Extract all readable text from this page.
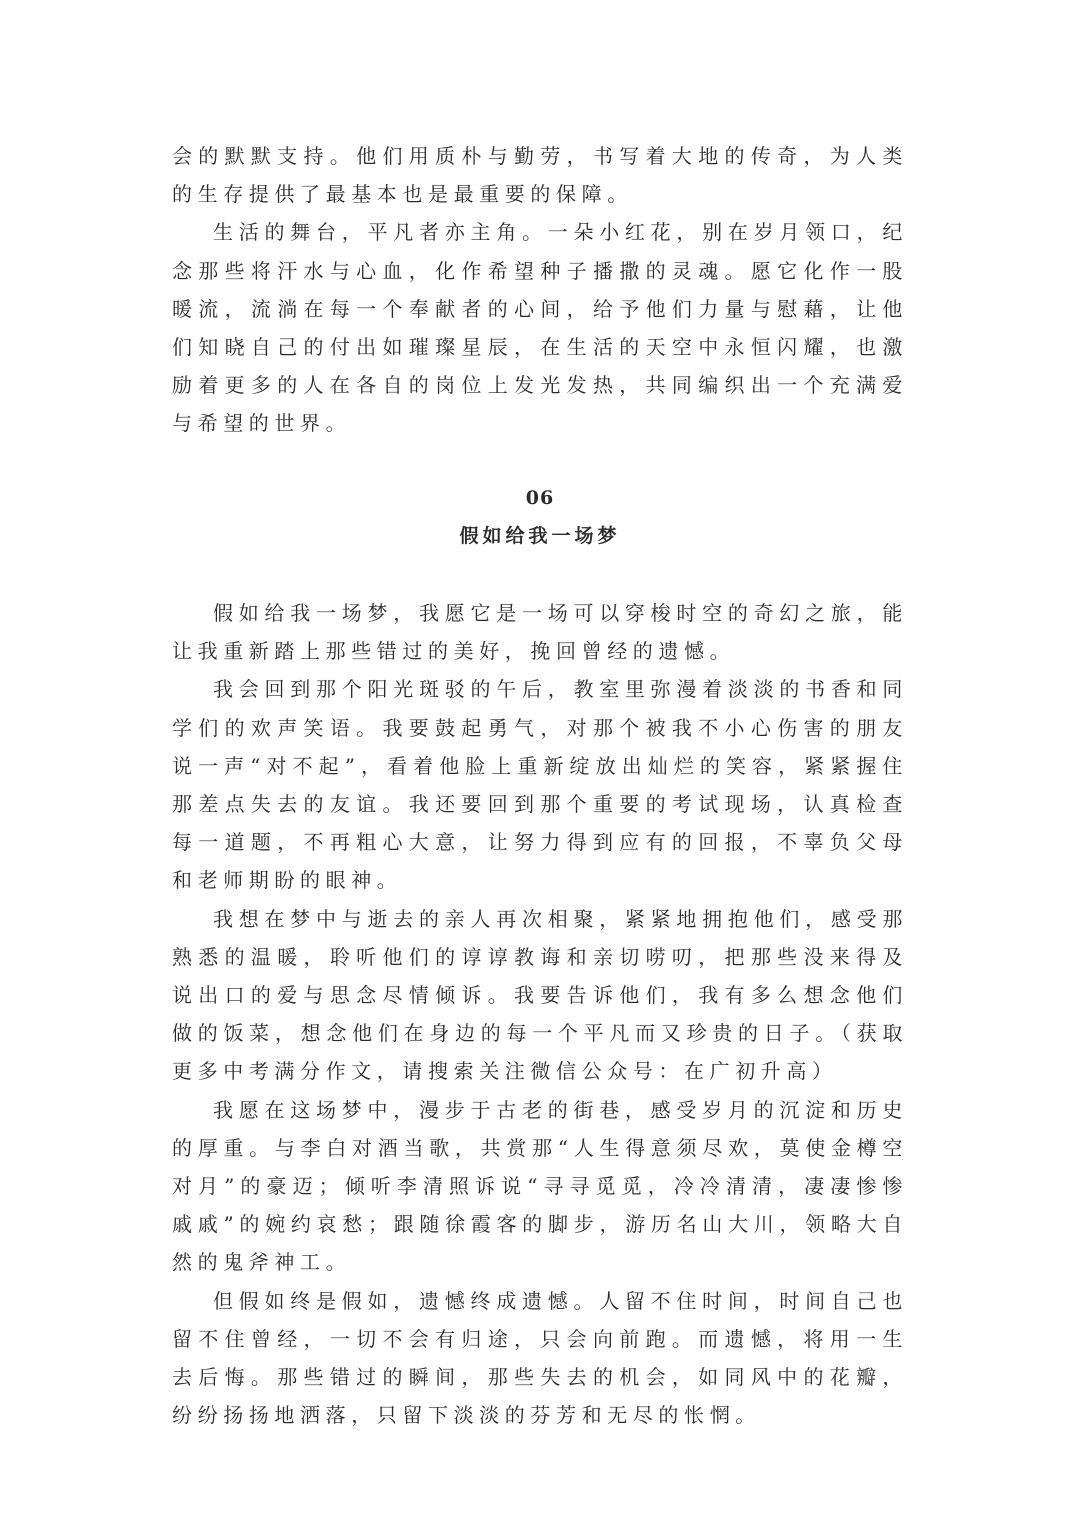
会的默默支持。他们用质朴与勤劳，书写着大地的传奇，为人类的生存提供了最基本也是最重要的保障。

生活的舞台，平凡者亦主角。一朵小红花，别在岁月领口，纪念那些将汗水与心血，化作希望种子播撒的灵魂。愿它化作一股暖流，流淌在每一个奉献者的心间，给予他们力量与慰藉，让他们知晓自己的付出如璀璨星辰，在生活的天空中永恒闪耀，也激励着更多的人在各自的岗位上发光发热，共同编织出一个充满爱与希望的世界。

06
假如给我一场梦

假如给我一场梦，我愿它是一场可以穿梭时空的奇幻之旅，能让我重新踏上那些错过的美好，挽回曾经的遗憾。

我会回到那个阳光斑驳的午后，教室里弥漫着淡淡的书香和同学们的欢声笑语。我要鼓起勇气，对那个被我不小心伤害的朋友说一声“对不起”，看着他脸上重新绽放出灿烂的笑容，紧紧握住那差点失去的友谊。我还要回到那个重要的考试现场，认真检查每一道题，不再粗心大意，让努力得到应有的回报，不辜负父母和老师期盼的眼神。

我想在梦中与逝去的亲人再次相聚，紧紧地拥抱他们，感受那熟悉的温暖，聆听他们的谆谆教诲和亲切唠叨，把那些没来得及说出口的爱与思念尽情倾诉。我要告诉他们，我有多么想念他们做的饭菜，想念他们在身边的每一个平凡而又珍贵的日子。（获取更多中考满分作文，请搜索关注微信公众号：在广初升高）

我愿在这场梦中，漫步于古老的街巷，感受岁月的沉淀和历史的厚重。与李白对酒当歌，共赏那“人生得意须尽欢，莫使金樽空对月”的豪迈；倾听李清照诉说“寻寻觅觅，冷冷清清，凄凄惨惨戚戚”的婉约哀愁；跟随徐霞客的脚步，游历名山大川，领略大自然的鬼斧神工。

但假如终是假如，遗憾终成遗憾。人留不住时间，时间自己也留不住曾经，一切不会有归途，只会向前跑。而遗憾，将用一生去后悔。那些错过的瞬间，那些失去的机会，如同风中的花瓣，纷纷扬扬地洒落，只留下淡淡的芬芳和无尽的怅惘。
